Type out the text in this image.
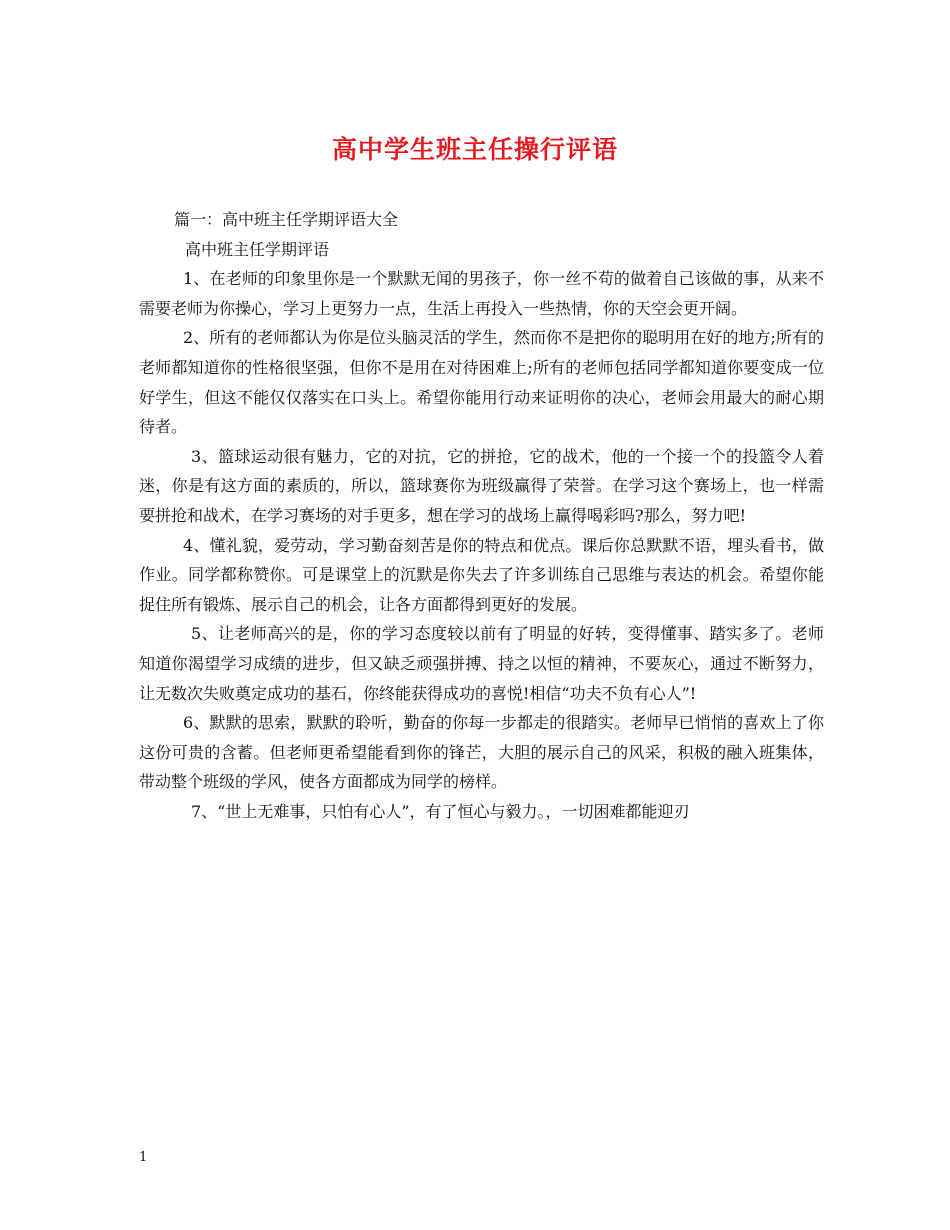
高中学生班主任操行评语

篇一：高中班主任学期评语大全

高中班主任学期评语

1、在老师的印象里你是一个默默无闻的男孩子，你一丝不苟的做着自己该做的事，从来不需要老师为你操心，学习上更努力一点，生活上再投入一些热情，你的天空会更开阔。

2、所有的老师都认为你是位头脑灵活的学生，然而你不是把你的聪明用在好的地方;所有的老师都知道你的性格很坚强，但你不是用在对待困难上;所有的老师包括同学都知道你要变成一位好学生，但这不能仅仅落实在口头上。希望你能用行动来证明你的决心，老师会用最大的耐心期待者。

3、篮球运动很有魅力，它的对抗，它的拼抢，它的战术，他的一个接一个的投篮令人着迷，你是有这方面的素质的，所以，篮球赛你为班级赢得了荣誉。在学习这个赛场上，也一样需要拼抢和战术，在学习赛场的对手更多，想在学习的战场上赢得喝彩吗?那么，努力吧!

4、懂礼貌，爱劳动，学习勤奋刻苦是你的特点和优点。课后你总默默不语，埋头看书，做作业。同学都称赞你。可是课堂上的沉默是你失去了许多训练自己思维与表达的机会。希望你能捉住所有锻炼、展示自己的机会，让各方面都得到更好的发展。

5、让老师高兴的是，你的学习态度较以前有了明显的好转，变得懂事、踏实多了。老师知道你渴望学习成绩的进步，但又缺乏顽强拼搏、持之以恒的精神，不要灰心，通过不断努力，让无数次失败奠定成功的基石，你终能获得成功的喜悦!相信“功夫不负有心人”!

6、默默的思索，默默的聆听，勤奋的你每一步都走的很踏实。老师早已悄悄的喜欢上了你这份可贵的含蓄。但老师更希望能看到你的锋芒，大胆的展示自己的风采，积极的融入班集体，带动整个班级的学风，使各方面都成为同学的榜样。

7、“世上无难事，只怕有心人”，有了恒心与毅力。，一切困难都能迎刃

1
